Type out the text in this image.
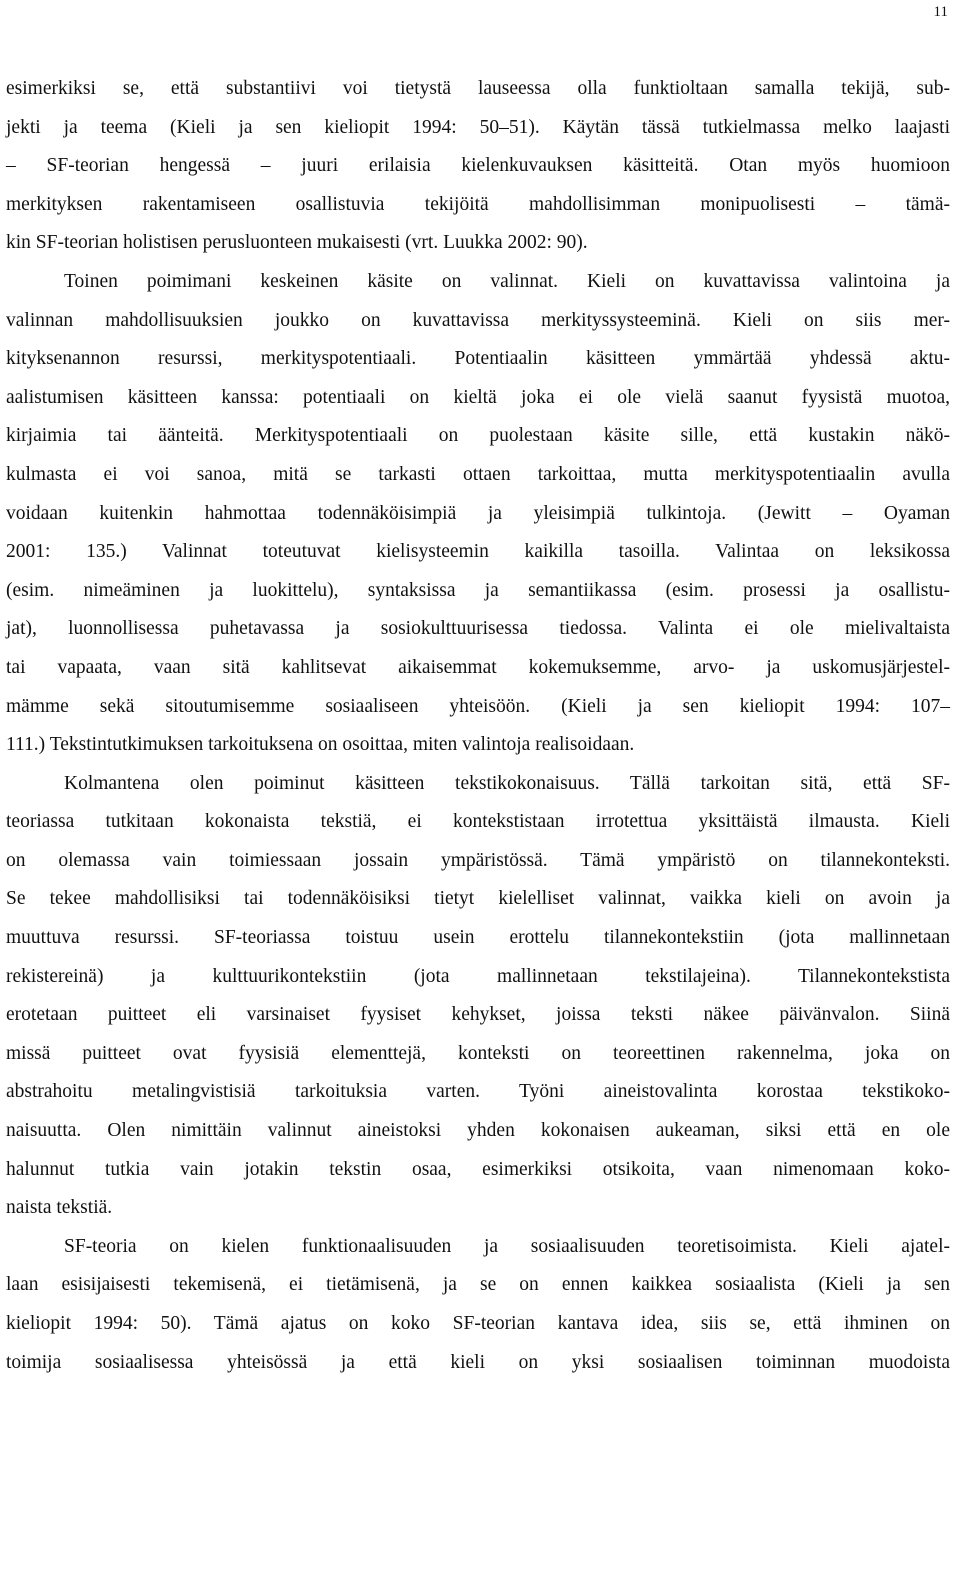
11
esimerkiksi se, että substantiivi voi tietystä lauseessa olla funktioltaan samalla tekijä, sub-
jekti ja teema (Kieli ja sen kieliopit 1994: 50–51). Käytän tässä tutkielmassa melko laajasti
– SF-teorian hengessä – juuri erilaisia kielenkuvauksen käsitteitä. Otan myös huomioon
merkityksen rakentamiseen osallistuvia tekijöitä mahdollisimman monipuolisesti – tämä-
kin SF-teorian holistisen perusluonteen mukaisesti (vrt. Luukka 2002: 90).
Toinen poimimani keskeinen käsite on valinnat. Kieli on kuvattavissa valintoina ja
valinnan mahdollisuuksien joukko on kuvattavissa merkityssysteeminä. Kieli on siis mer-
kityksenannon resurssi, merkityspotentiaali. Potentiaalin käsitteen ymmärtää yhdessä aktu-
aalistumisen käsitteen kanssa: potentiaali on kieltä joka ei ole vielä saanut fyysistä muotoa,
kirjaimia tai äänteitä. Merkityspotentiaali on puolestaan käsite sille, että kustakin näkö-
kulmasta ei voi sanoa, mitä se tarkasti ottaen tarkoittaa, mutta merkityspotentiaalin avulla
voidaan kuitenkin hahmottaa todennäköisimpiä ja yleisimpiä tulkintoja. (Jewitt – Oyaman
2001: 135.) Valinnat toteutuvat kielisysteemin kaikilla tasoilla. Valintaa on leksikossa
(esim. nimeäminen ja luokittelu), syntaksissa ja semantiikassa (esim. prosessi ja osallistu-
jat), luonnollisessa puhetavassa ja sosiokulttuurisessa tiedossa. Valinta ei ole mielivaltaista
tai vapaata, vaan sitä kahlitsevat aikaisemmat kokemuksemme, arvo- ja uskomusjärjestel-
mämme sekä sitoutumisemme sosiaaliseen yhteisöön. (Kieli ja sen kieliopit 1994: 107–
111.) Tekstintutkimuksen tarkoituksena on osoittaa, miten valintoja realisoidaan.
Kolmantena olen poiminut käsitteen tekstikokonaisuus. Tällä tarkoitan sitä, että SF-
teoriassa tutkitaan kokonaista tekstiä, ei kontekstistaan irrotettua yksittäistä ilmausta. Kieli
on olemassa vain toimiessaan jossain ympäristössä. Tämä ympäristö on tilannekonteksti.
Se tekee mahdollisiksi tai todennäköisiksi tietyt kielelliset valinnat, vaikka kieli on avoin ja
muuttuva resurssi. SF-teoriassa toistuu usein erottelu tilannekontekstiin (jota mallinnetaan
rekistereinä) ja kulttuurikontekstiin (jota mallinnetaan tekstilajeina). Tilannekontekstista
erotetaan puitteet eli varsinaiset fyysiset kehykset, joissa teksti näkee päivänvalon. Siinä
missä puitteet ovat fyysisiä elementtejä, konteksti on teoreettinen rakennelma, joka on
abstrahoitu metalingvistisiä tarkoituksia varten. Työni aineistovalinta korostaa tekstikoko-
naisuutta. Olen nimittäin valinnut aineistoksi yhden kokonaisen aukeaman, siksi että en ole
halunnut tutkia vain jotakin tekstin osaa, esimerkiksi otsikoita, vaan nimenomaan koko-
naista tekstiä.
SF-teoria on kielen funktionaalisuuden ja sosiaalisuuden teoretisoimista. Kieli ajatel-
laan esisijaisesti tekemisenä, ei tietämisenä, ja se on ennen kaikkea sosiaalista (Kieli ja sen
kieliopit 1994: 50). Tämä ajatus on koko SF-teorian kantava idea, siis se, että ihminen on
toimija sosiaalisessa yhteisössä ja että kieli on yksi sosiaalisen toiminnan muodoista
